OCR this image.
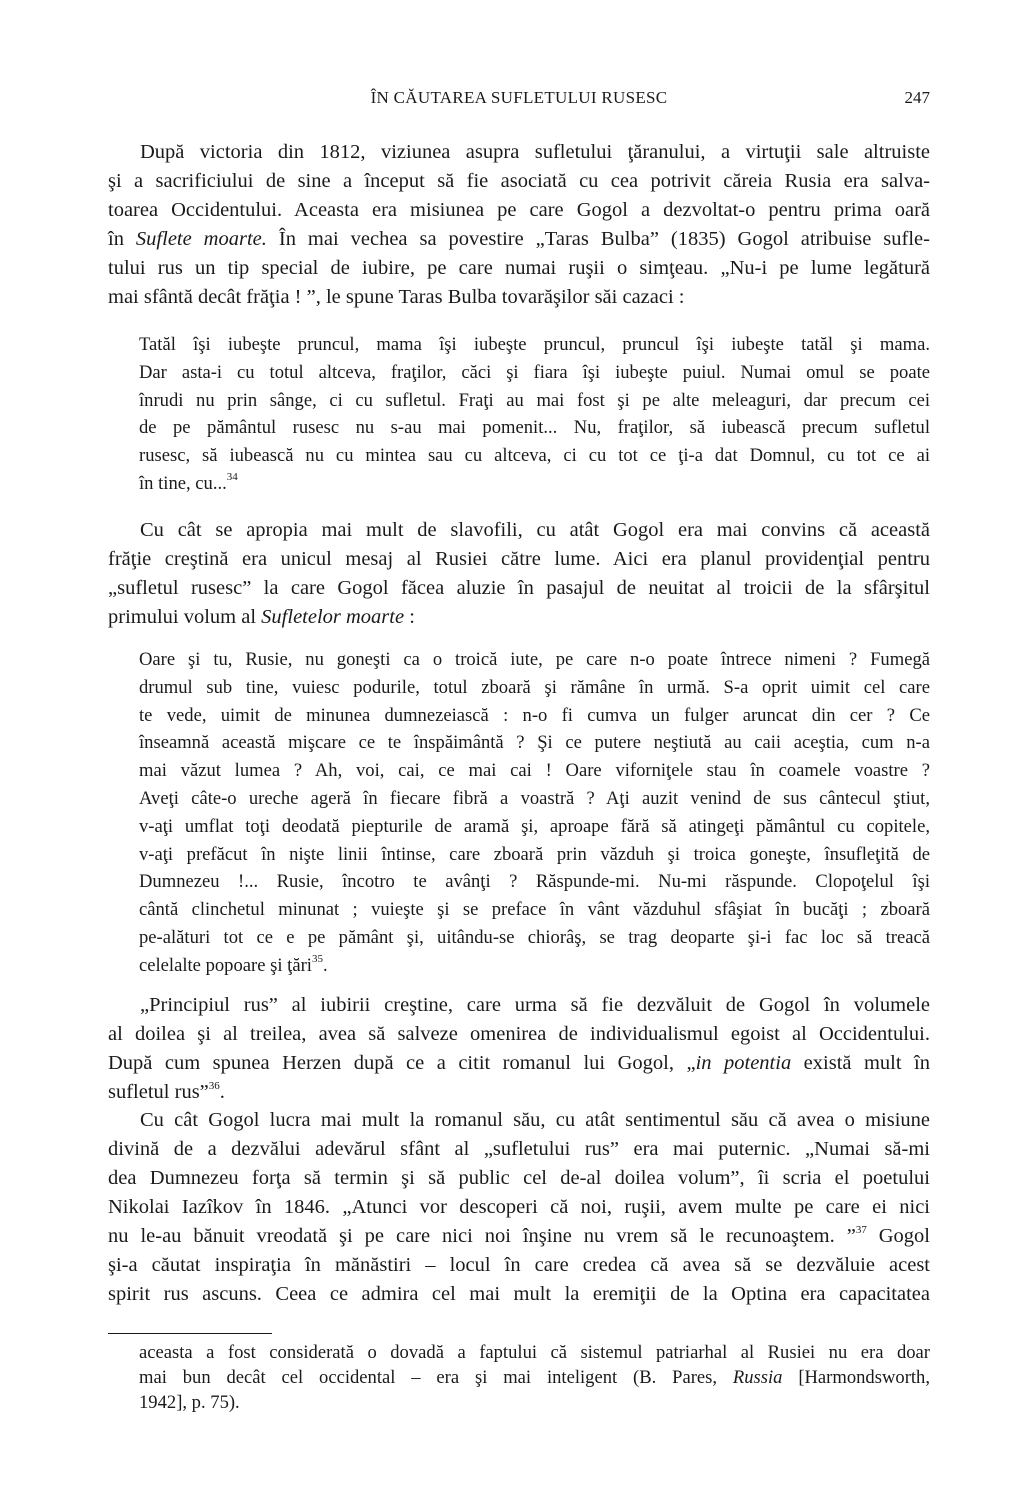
ÎN CĂUTAREA SUFLETULUI RUSESC	247
După victoria din 1812, viziunea asupra sufletului ţăranului, a virtuţii sale altruiste
şi a sacrificiului de sine a început să fie asociată cu cea potrivit căreia Rusia era salva-
toarea Occidentului. Aceasta era misiunea pe care Gogol a dezvoltat-o pentru prima oară
în Suflete moarte. În mai vechea sa povestire „Taras Bulba” (1835) Gogol atribuise sufle-
tului rus un tip special de iubire, pe care numai ruşii o simţeau. „Nu-i pe lume legătură
mai sfântă decât frăţia ! ”, le spune Taras Bulba tovarăşilor săi cazaci :
Tatăl îşi iubeşte pruncul, mama îşi iubeşte pruncul, pruncul îşi iubeşte tatăl şi mama.
Dar asta-i cu totul altceva, fraţilor, căci şi fiara îşi iubeşte puiul. Numai omul se poate
înrudi nu prin sânge, ci cu sufletul. Fraţi au mai fost şi pe alte meleaguri, dar precum cei
de pe pământul rusesc nu s-au mai pomenit... Nu, fraţilor, să iubească precum sufletul
rusesc, să iubească nu cu mintea sau cu altceva, ci cu tot ce ţi-a dat Domnul, cu tot ce ai
în tine, cu...$^{34}$
Cu cât se apropia mai mult de slavofili, cu atât Gogol era mai convins că această
frăţie creştină era unicul mesaj al Rusiei către lume. Aici era planul providenţial pentru
„sufletul rusesc” la care Gogol făcea aluzie în pasajul de neuitat al troicii de la sfârşitul
primului volum al Sufletelor moarte :
Oare şi tu, Rusie, nu goneşti ca o troică iute, pe care n-o poate întrece nimeni ? Fumegă
drumul sub tine, vuiesc podurile, totul zboară şi rămâne în urmă. S-a oprit uimit cel care
te vede, uimit de minunea dumnezeiască : n-o fi cumva un fulger aruncat din cer ? Ce
înseamnă această mişcare ce te înspăimântă ? Şi ce putere neştiută au caii aceştia, cum n-a
mai văzut lumea ? Ah, voi, cai, ce mai cai ! Oare viforniţele stau în coamele voastre ?
Aveţi câte-o ureche ageră în fiecare fibră a voastră ? Aţi auzit venind de sus cântecul ştiut,
v-aţi umflat toţi deodată piepturile de aramă şi, aproape fără să atingeţi pământul cu copitele,
v-aţi prefăcut în nişte linii întinse, care zboară prin văzduh şi troica goneşte, însufleţită de
Dumnezeu !... Rusie, încotro te avânţi ? Răspunde-mi. Nu-mi răspunde. Clopoţelul îşi
cântă clinchetul minunat ; vuieşte şi se preface în vânt văzduhul sfâşiat în bucăţi ; zboară
pe-alături tot ce e pe pământ şi, uitându-se chiorâş, se trag deoparte şi-i fac loc să treacă
celelalte popoare şi ţări$^{35}$.
„Principiul rus” al iubirii creştine, care urma să fie dezvăluit de Gogol în volumele
al doilea şi al treilea, avea să salveze omenirea de individualismul egoist al Occidentului.
După cum spunea Herzen după ce a citit romanul lui Gogol, „in potentia există mult în
sufletul rus”$^{36}$.
Cu cât Gogol lucra mai mult la romanul său, cu atât sentimentul său că avea o misiune
divină de a dezvălui adevărul sfânt al „sufletului rus” era mai puternic. „Numai să-mi
dea Dumnezeu forţa să termin şi să public cel de-al doilea volum”, îi scria el poetului
Nikolai Iazîkov în 1846. „Atunci vor descoperi că noi, ruşii, avem multe pe care ei nici
nu le-au bănuit vreodată şi pe care nici noi înşine nu vrem să le recunoaştem. ”$^{37}$ Gogol
şi-a căutat inspiraţia în mănăstiri – locul în care credea că avea să se dezvăluie acest
spirit rus ascuns. Ceea ce admira cel mai mult la eremiţii de la Optina era capacitatea
aceasta a fost considerată o dovadă a faptului că sistemul patriarhal al Rusiei nu era doar
mai bun decât cel occidental – era şi mai inteligent (B. Pares, Russia [Harmondsworth,
1942], p. 75).
